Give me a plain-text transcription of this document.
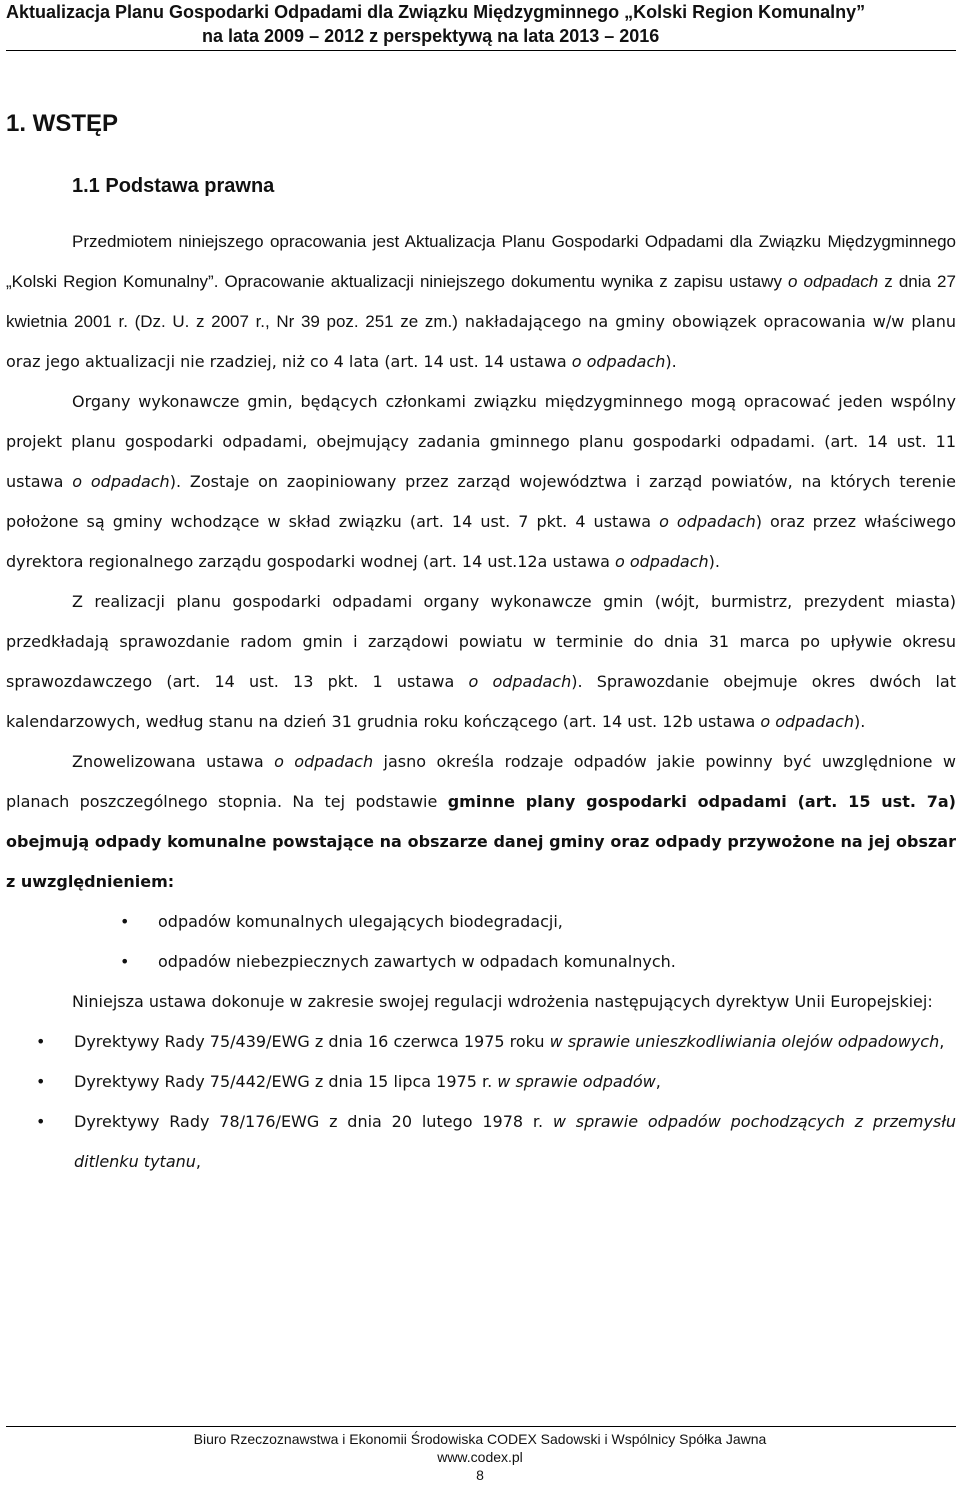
Aktualizacja Planu Gospodarki Odpadami dla Związku Międzygminnego „Kolski Region Komunalny”
na lata 2009 – 2012 z perspektywą na lata 2013 – 2016
1. WSTĘP
1.1 Podstawa prawna

Przedmiotem niniejszego opracowania jest Aktualizacja Planu Gospodarki Odpadami dla Związku Międzygminnego „Kolski Region Komunalny”. Opracowanie aktualizacji niniejszego dokumentu wynika z zapisu ustawy o odpadach z dnia 27 kwietnia 2001 r. (Dz. U. z 2007 r., Nr 39 poz. 251 ze zm.) nakładającego na gminy obowiązek opracowania w/w planu oraz jego aktualizacji nie rzadziej, niż co 4 lata (art. 14 ust. 14 ustawa o odpadach).

Organy wykonawcze gmin, będących członkami związku międzygminnego mogą opracować jeden wspólny projekt planu gospodarki odpadami, obejmujący zadania gminnego planu gospodarki odpadami. (art. 14 ust. 11 ustawa o odpadach). Zostaje on zaopiniowany przez zarząd województwa i zarząd powiatów, na których terenie położone są gminy wchodzące w skład związku (art. 14 ust. 7 pkt. 4 ustawa o odpadach) oraz przez właściwego dyrektora regionalnego zarządu gospodarki wodnej (art. 14 ust.12a ustawa o odpadach).

Z realizacji planu gospodarki odpadami organy wykonawcze gmin (wójt, burmistrz, prezydent miasta) przedkładają sprawozdanie radom gmin i zarządowi powiatu w terminie do dnia 31 marca po upływie okresu sprawozdawczego (art. 14 ust. 13 pkt. 1 ustawa o odpadach). Sprawozdanie obejmuje okres dwóch lat kalendarzowych, według stanu na dzień 31 grudnia roku kończącego (art. 14 ust. 12b ustawa o odpadach).

Znowelizowana ustawa o odpadach jasno określa rodzaje odpadów jakie powinny być uwzględnione w planach poszczególnego stopnia. Na tej podstawie gminne plany gospodarki odpadami (art. 15 ust. 7a) obejmują odpady komunalne powstające na obszarze danej gminy oraz odpady przywożone na jej obszar z uwzględnieniem:

• odpadów komunalnych ulegających biodegradacji,
• odpadów niebezpiecznych zawartych w odpadach komunalnych.

Niniejsza ustawa dokonuje w zakresie swojej regulacji wdrożenia następujących dyrektyw Unii Europejskiej:

• Dyrektywy Rady 75/439/EWG z dnia 16 czerwca 1975 roku w sprawie unieszkodliwiania olejów odpadowych,
• Dyrektywy Rady 75/442/EWG z dnia 15 lipca 1975 r. w sprawie odpadów,
• Dyrektywy Rady 78/176/EWG z dnia 20 lutego 1978 r. w sprawie odpadów pochodzących z przemysłu ditlenku tytanu,
Biuro Rzeczoznawstwa i Ekonomii Środowiska CODEX Sadowski i Wspólnicy Spółka Jawna
www.codex.pl
8
